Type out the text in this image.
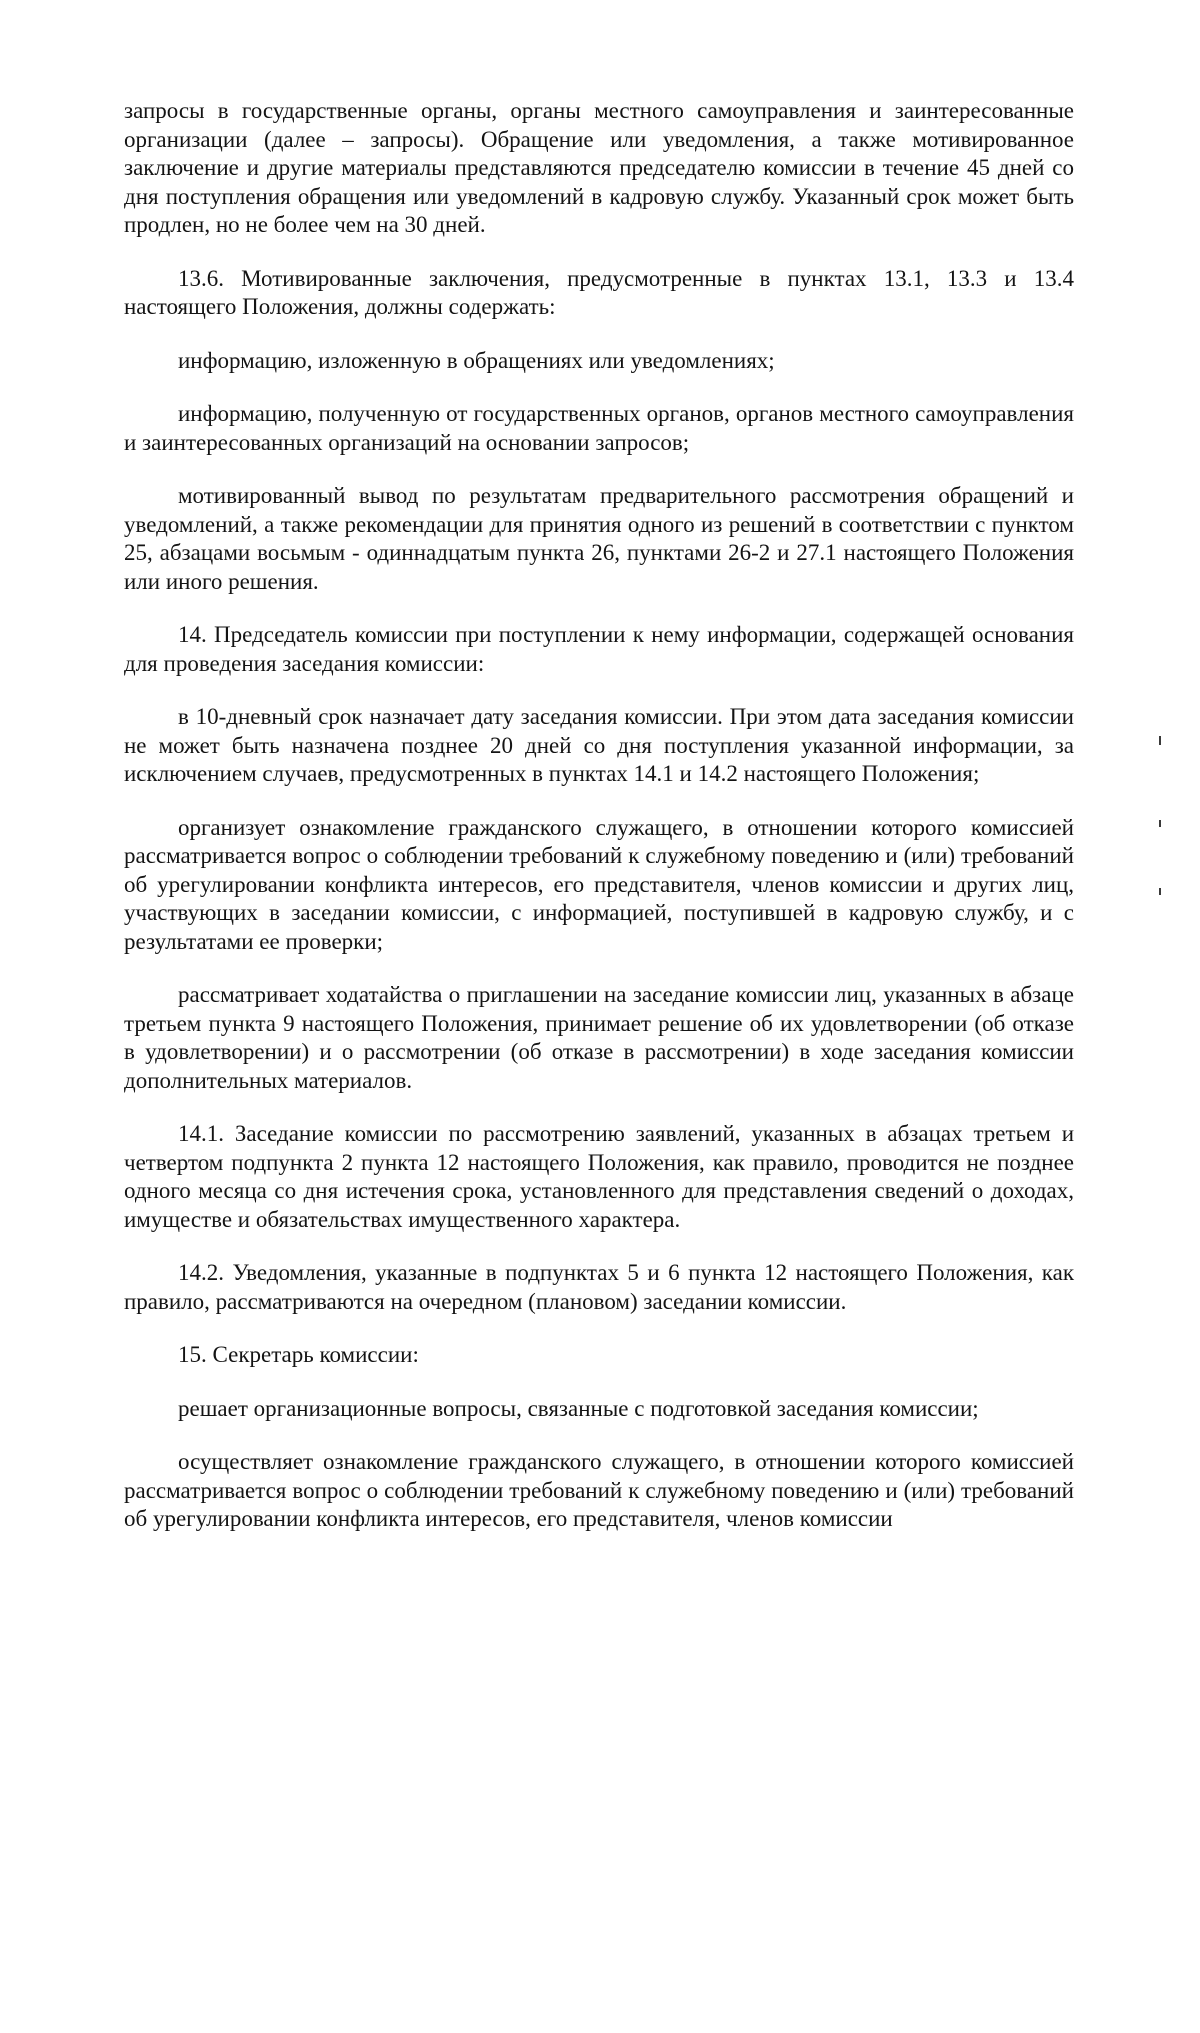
запросы в государственные органы, органы местного самоуправления и заинтересованные организации (далее – запросы). Обращение или уведомления, а также мотивированное заключение и другие материалы представляются председателю комиссии в течение 45 дней со дня поступления обращения или уведомлений в кадровую службу. Указанный срок может быть продлен, но не более чем на 30 дней.

13.6. Мотивированные заключения, предусмотренные в пунктах 13.1, 13.3 и 13.4 настоящего Положения, должны содержать:

информацию, изложенную в обращениях или уведомлениях;

информацию, полученную от государственных органов, органов местного самоуправления и заинтересованных организаций на основании запросов;

мотивированный вывод по результатам предварительного рассмотрения обращений и уведомлений, а также рекомендации для принятия одного из решений в соответствии с пунктом 25, абзацами восьмым - одиннадцатым пункта 26, пунктами 26-2 и 27.1 настоящего Положения или иного решения.

14. Председатель комиссии при поступлении к нему информации, содержащей основания для проведения заседания комиссии:

в 10-дневный срок назначает дату заседания комиссии. При этом дата заседания комиссии не может быть назначена позднее 20 дней со дня поступления указанной информации, за исключением случаев, предусмотренных в пунктах 14.1 и 14.2 настоящего Положения;

организует ознакомление гражданского служащего, в отношении которого комиссией рассматривается вопрос о соблюдении требований к служебному поведению и (или) требований об урегулировании конфликта интересов, его представителя, членов комиссии и других лиц, участвующих в заседании комиссии, с информацией, поступившей в кадровую службу, и с результатами ее проверки;

рассматривает ходатайства о приглашении на заседание комиссии лиц, указанных в абзаце третьем пункта 9 настоящего Положения, принимает решение об их удовлетворении (об отказе в удовлетворении) и о рассмотрении (об отказе в рассмотрении) в ходе заседания комиссии дополнительных материалов.

14.1. Заседание комиссии по рассмотрению заявлений, указанных в абзацах третьем и четвертом подпункта 2 пункта 12 настоящего Положения, как правило, проводится не позднее одного месяца со дня истечения срока, установленного для представления сведений о доходах, имуществе и обязательствах имущественного характера.

14.2. Уведомления, указанные в подпунктах 5 и 6 пункта 12 настоящего Положения, как правило, рассматриваются на очередном (плановом) заседании комиссии.

15. Секретарь комиссии:

решает организационные вопросы, связанные с подготовкой заседания комиссии;

осуществляет ознакомление гражданского служащего, в отношении которого комиссией рассматривается вопрос о соблюдении требований к служебному поведению и (или) требований об урегулировании конфликта интересов, его представителя, членов комиссии
